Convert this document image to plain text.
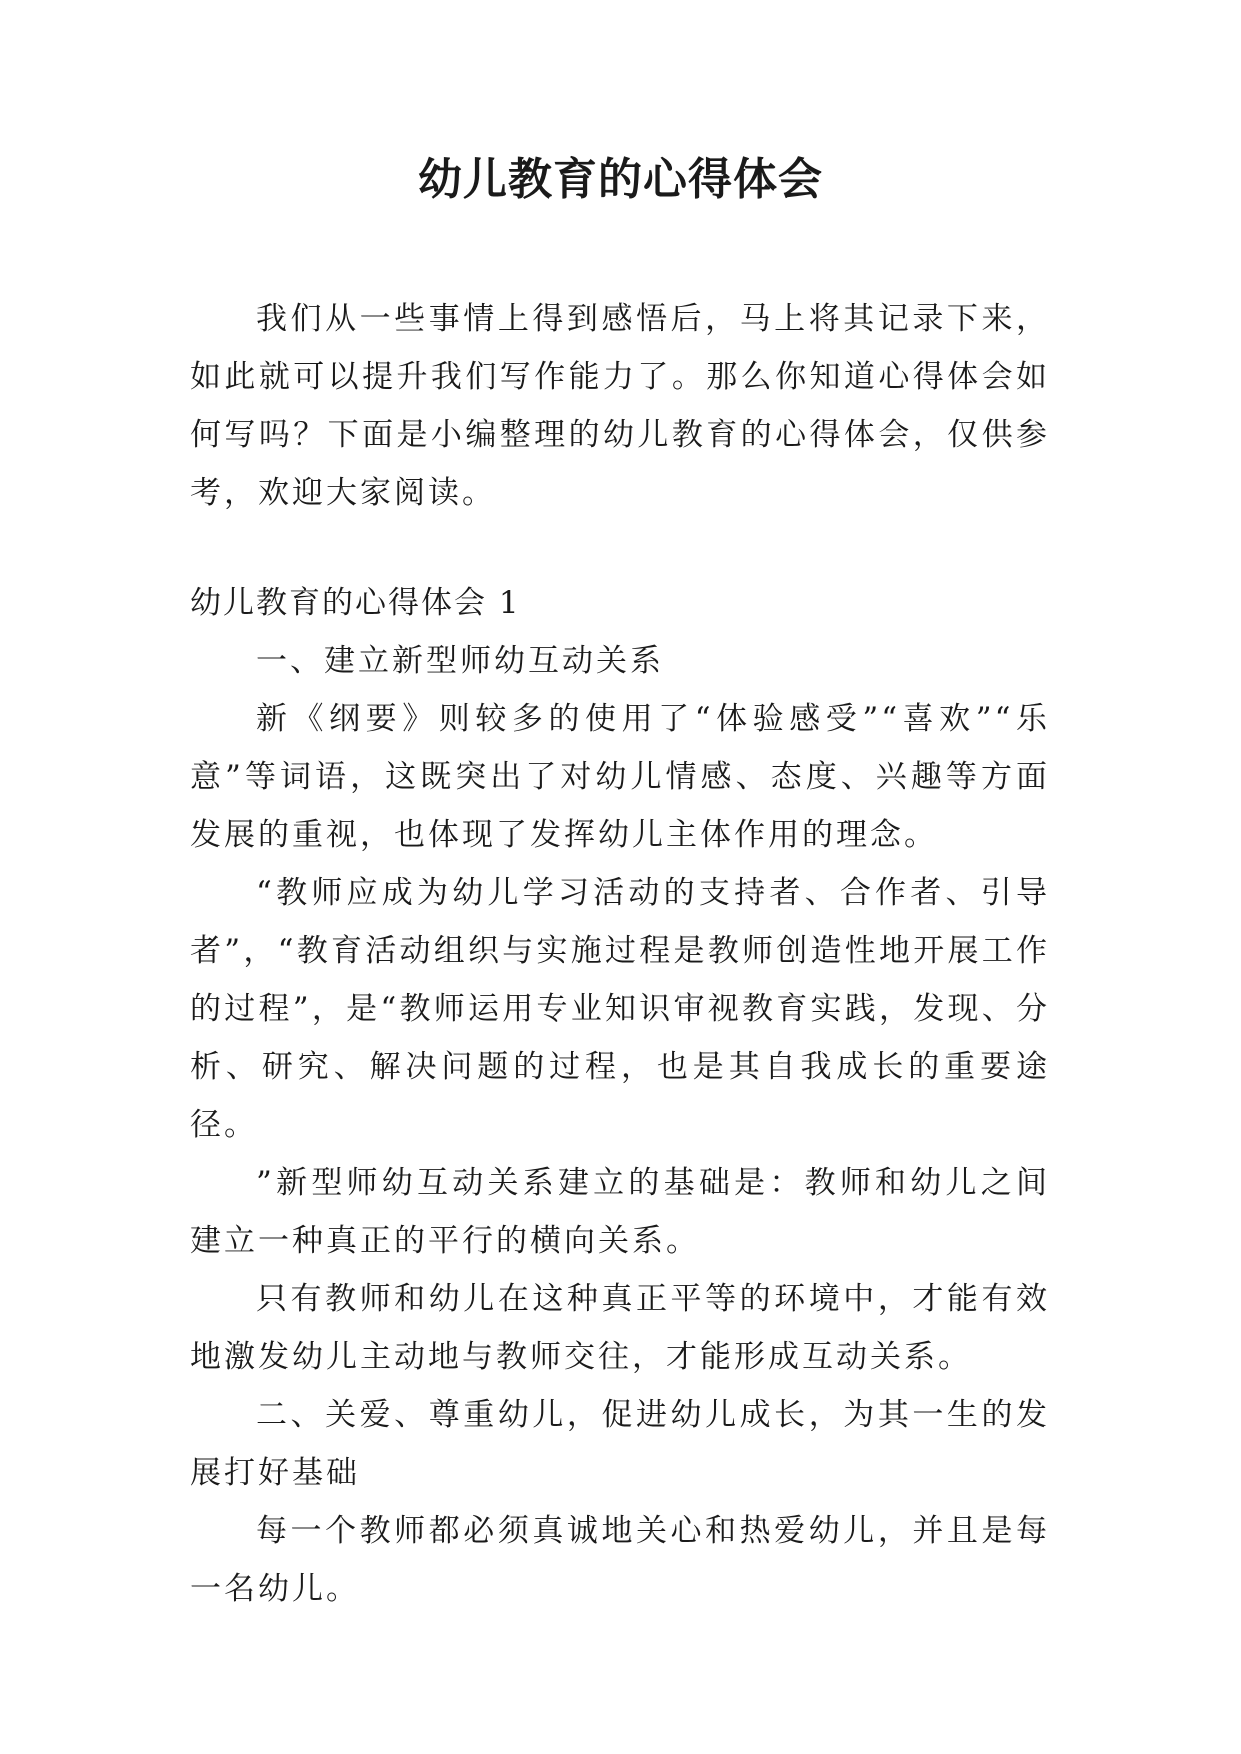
幼儿教育的心得体会

我们从一些事情上得到感悟后，马上将其记录下来，如此就可以提升我们写作能力了。那么你知道心得体会如何写吗？下面是小编整理的幼儿教育的心得体会，仅供参考，欢迎大家阅读。

幼儿教育的心得体会 1

一、建立新型师幼互动关系

新《纲要》则较多的使用了“体验感受”“喜欢”“乐意”等词语，这既突出了对幼儿情感、态度、兴趣等方面发展的重视，也体现了发挥幼儿主体作用的理念。

“教师应成为幼儿学习活动的支持者、合作者、引导者”，“教育活动组织与实施过程是教师创造性地开展工作的过程”，是“教师运用专业知识审视教育实践，发现、分析、研究、解决问题的过程，也是其自我成长的重要途径。

”新型师幼互动关系建立的基础是：教师和幼儿之间建立一种真正的平行的横向关系。

只有教师和幼儿在这种真正平等的环境中，才能有效地激发幼儿主动地与教师交往，才能形成互动关系。

二、关爱、尊重幼儿，促进幼儿成长，为其一生的发展打好基础

每一个教师都必须真诚地关心和热爱幼儿，并且是每一名幼儿。
